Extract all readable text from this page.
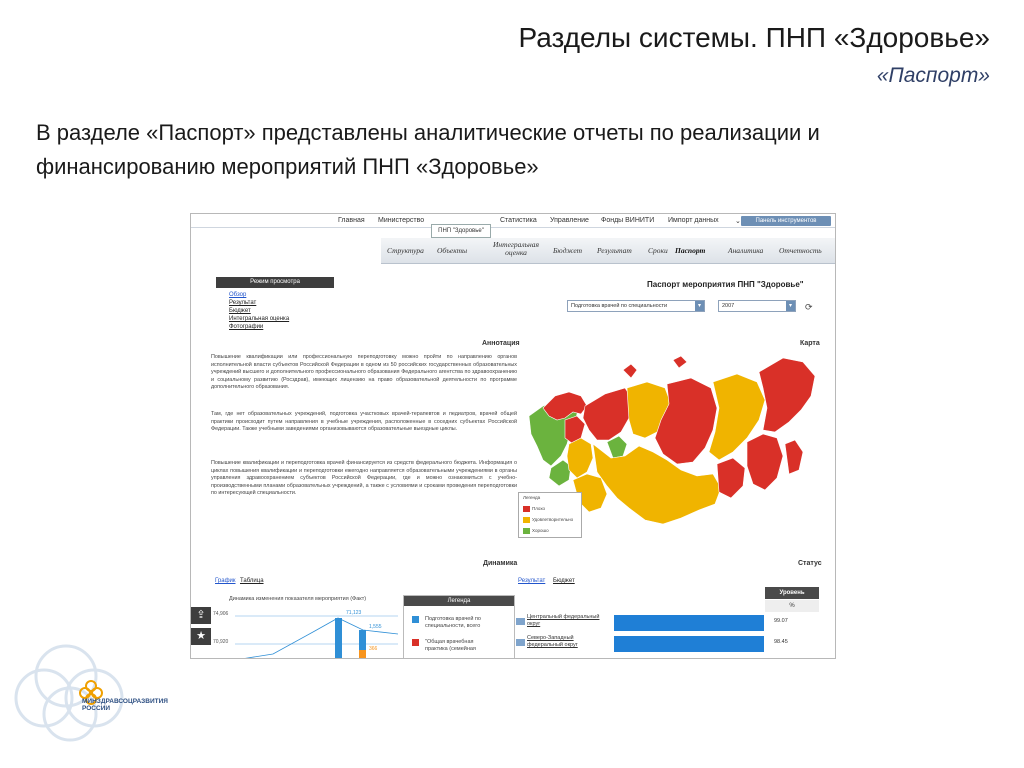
Разделы системы. ПНП «Здоровье»
«Паспорт»
В разделе «Паспорт» представлены аналитические отчеты по реализации и финансированию мероприятий ПНП «Здоровье»
Главная Министерство	Статистика Управление Фонды ВИНИТИ Импорт данных ⌄	Панель инструментов
ПНП "Здоровье"
Структура Объекты
Интегральная оценка	Бюджет Результат Сроки Паспорт	Аналитика Отчетность
Режим просмотра
Обзор
Результат
Бюджет
Интегральная оценка
Фотографии
Паспорт мероприятия ПНП "Здоровье"
Подготовка врачей по специальности	▾	2007	▾	⟳
Аннотация	Карта
Повышение квалификации или профессиональную переподготовку можно пройти по направлению органов исполнительной власти субъектов Российской Федерации в одном из 50 российских государственных образовательных учреждений высшего и дополнительного профессионального образования Федерального агентства по здравоохранению и социальному развитию (Росздрав), имеющих лицензию на право образовательной деятельности по программе дополнительного образования.
Там, где нет образовательных учреждений, подготовка участковых врачей-терапевтов и педиатров, врачей общей практики происходит путем направления в учебные учреждения, расположенные в соседних субъектах Российской Федерации. Также учебными заведениями организовываются образовательные выездные циклы.
Повышение квалификации и переподготовка врачей финансируется из средств федерального бюджета. Информация о циклах повышения квалификации и переподготовки ежегодно направляется образовательными учреждениями в органы управления здравоохранением субъектов Российской Федерации, где и можно ознакомиться с учебно-производственными планами образовательных учреждений, а также с условиями и сроками проведения переподготовки по интересующей специальности.
Легенда
Плохо
Удовлетворительно
Хорошо
Динамика	Статус
График Таблица	Результат Бюджет
Динамика изменения показателя мероприятия (Факт)
⇪
★
74,906
70,920
71,123
1,555
366
Легенда
Подготовка врачей по специальности, всего
"Общая врачебная практика (семейная
Центральный федеральный округ	99.07
Северо-Западный федеральный округ	98.45
Уровень
%
МИНЗДРАВСОЦРАЗВИТИЯ
РОССИИ
